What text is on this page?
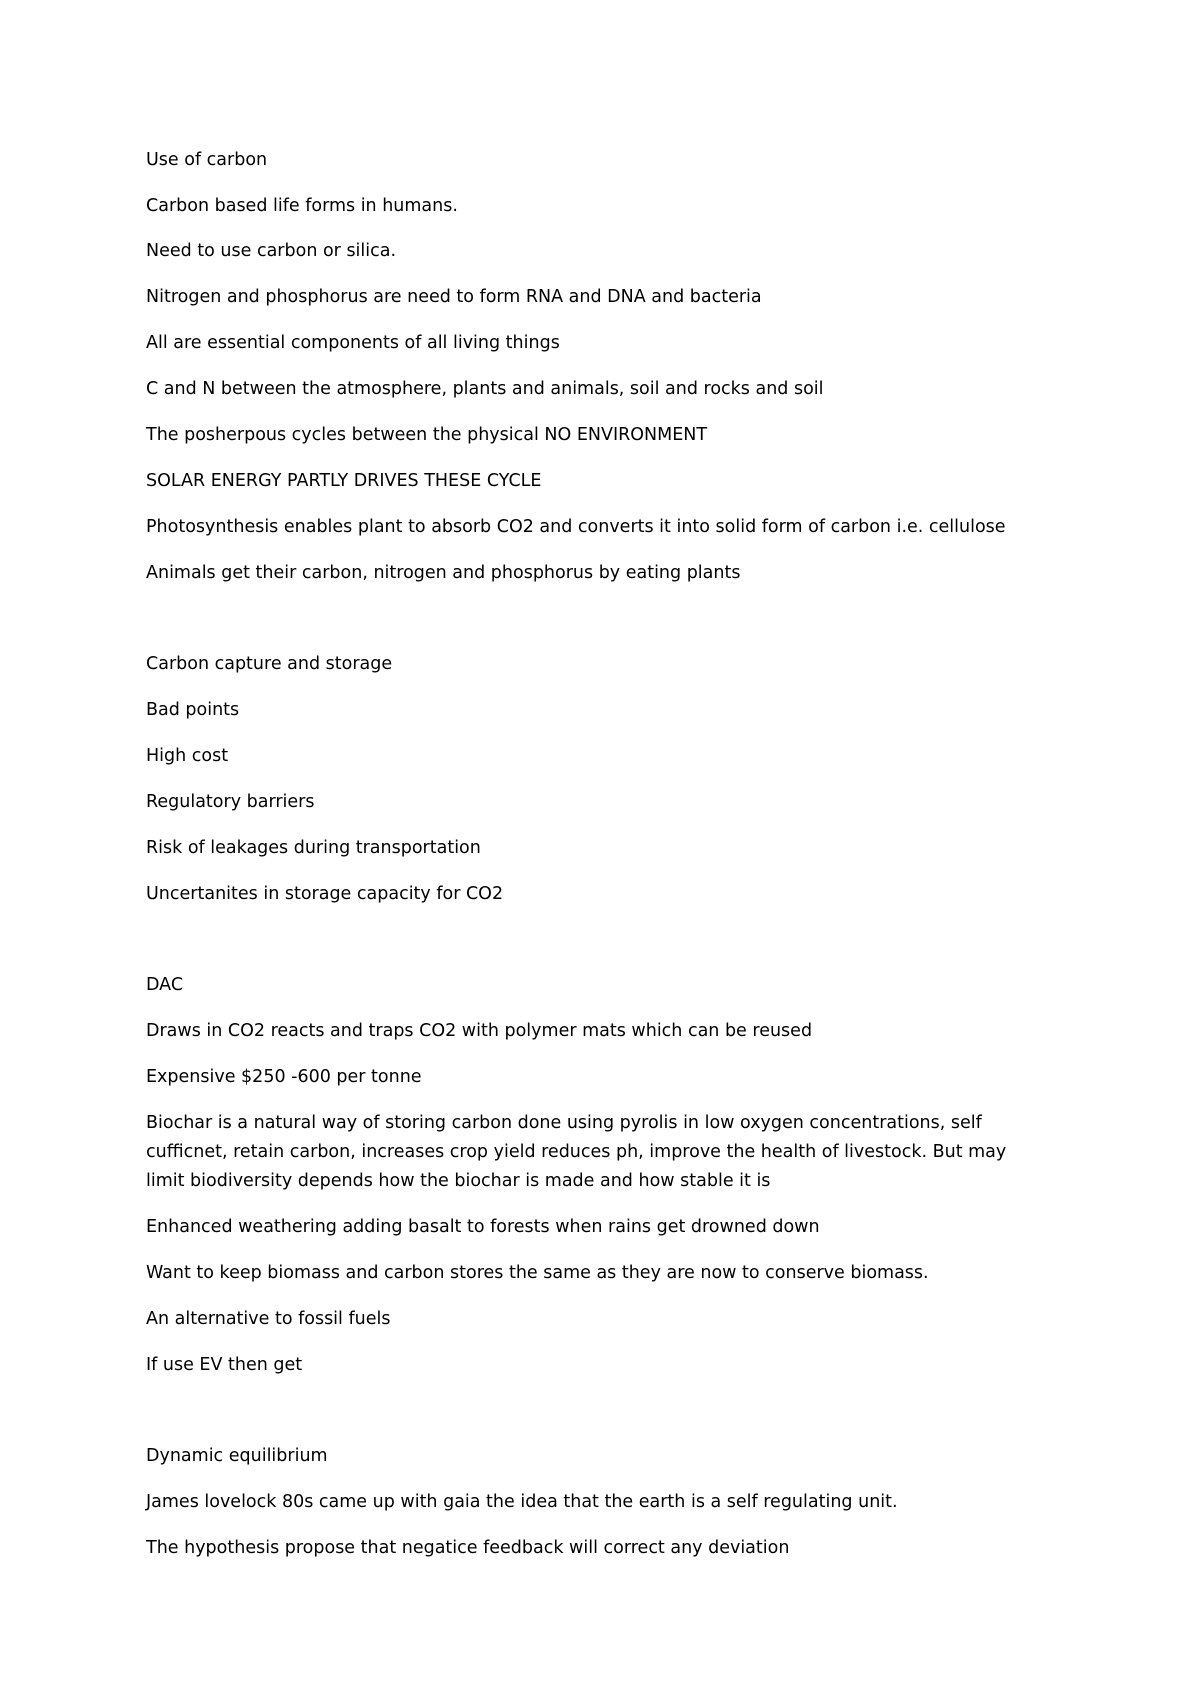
Use of carbon
Carbon based life forms in humans.
Need to use carbon or silica.
Nitrogen and phosphorus are need to form RNA and DNA and bacteria
All are essential components of all living things
C and N between the atmosphere, plants and animals, soil and rocks and soil
The posherpous cycles between the physical NO ENVIRONMENT
SOLAR ENERGY PARTLY DRIVES THESE CYCLE
Photosynthesis enables plant to absorb CO2 and converts it into solid form of carbon i.e. cellulose
Animals get their carbon, nitrogen and phosphorus by eating plants
Carbon capture and storage
Bad points
High cost
Regulatory barriers
Risk of leakages during transportation
Uncertanites in storage capacity for CO2
DAC
Draws in CO2 reacts and traps CO2 with polymer mats which can be reused
Expensive $250 -600 per tonne
Biochar is a natural way of storing carbon done using pyrolis in low oxygen concentrations, self cufficnet, retain carbon, increases crop yield reduces ph, improve the health of livestock. But may limit biodiversity depends how the biochar is made and how stable it is
Enhanced weathering adding basalt to forests when rains get drowned down
Want to keep biomass and carbon stores the same as they are now to conserve biomass.
An alternative to fossil fuels
If use EV then get
Dynamic equilibrium
James lovelock 80s came up with gaia the idea that the earth is a self regulating unit.
The hypothesis propose that negatice feedback will correct any deviation
